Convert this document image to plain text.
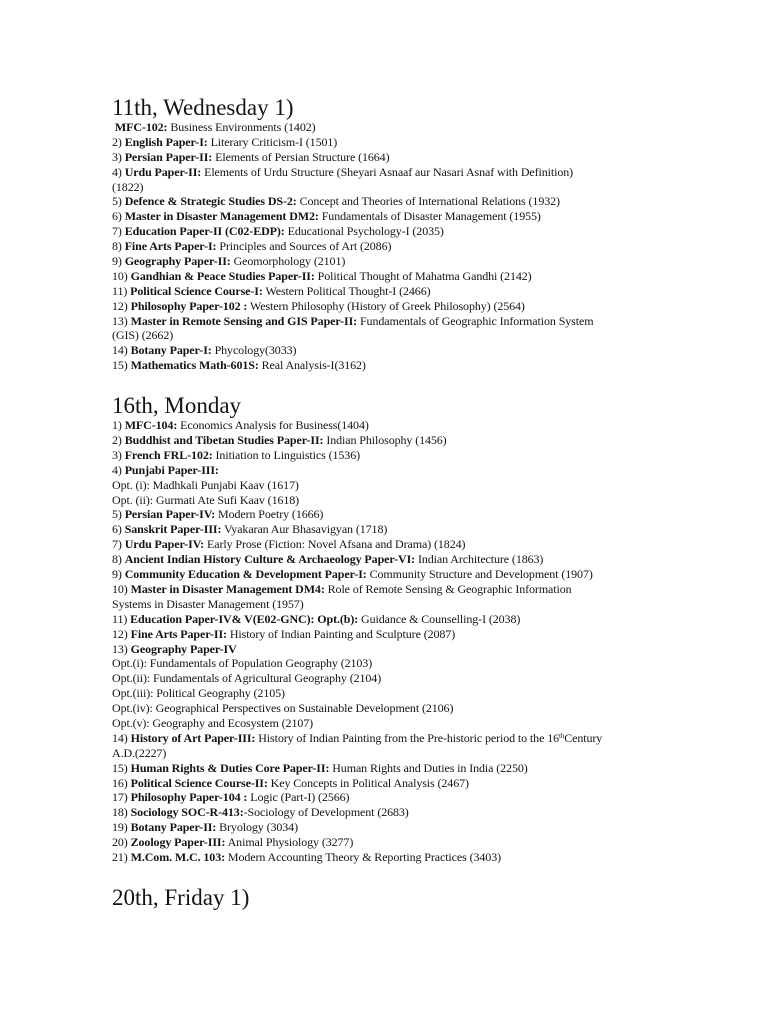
11th, Wednesday 1)
MFC-102: Business Environments (1402)
2) English Paper-I: Literary Criticism-I (1501)
3) Persian Paper-II: Elements of Persian Structure (1664)
4) Urdu Paper-II: Elements of Urdu Structure (Sheyari Asnaaf aur Nasari Asnaf with Definition)
(1822)
5) Defence & Strategic Studies DS-2: Concept and Theories of International Relations (1932)
6) Master in Disaster Management DM2: Fundamentals of Disaster Management (1955)
7) Education Paper-II (C02-EDP): Educational Psychology-I (2035)
8) Fine Arts Paper-I: Principles and Sources of Art (2086)
9) Geography Paper-II: Geomorphology (2101)
10) Gandhian & Peace Studies Paper-II: Political Thought of Mahatma Gandhi (2142)
11) Political Science Course-I: Western Political Thought-I (2466)
12) Philosophy Paper-102 : Western Philosophy (History of Greek Philosophy) (2564)
13) Master in Remote Sensing and GIS Paper-II: Fundamentals of Geographic Information System
(GIS) (2662)
14) Botany Paper-I: Phycology(3033)
15) Mathematics Math-601S: Real Analysis-I(3162)
16th, Monday
1) MFC-104: Economics Analysis for Business(1404)
2) Buddhist and Tibetan Studies Paper-II: Indian Philosophy (1456)
3) French FRL-102: Initiation to Linguistics (1536)
4) Punjabi Paper-III:
Opt. (i): Madhkali Punjabi Kaav (1617)
Opt. (ii): Gurmati Ate Sufi Kaav (1618)
5) Persian Paper-IV: Modern Poetry (1666)
6) Sanskrit Paper-III: Vyakaran Aur Bhasavigyan (1718)
7) Urdu Paper-IV: Early Prose (Fiction: Novel Afsana and Drama) (1824)
8) Ancient Indian History Culture & Archaeology Paper-VI: Indian Architecture (1863)
9) Community Education & Development Paper-I: Community Structure and Development (1907)
10) Master in Disaster Management DM4: Role of Remote Sensing & Geographic Information
Systems in Disaster Management (1957)
11) Education Paper-IV& V(E02-GNC): Opt.(b): Guidance & Counselling-I (2038)
12) Fine Arts Paper-II: History of Indian Painting and Sculpture (2087)
13) Geography Paper-IV
Opt.(i): Fundamentals of Population Geography (2103)
Opt.(ii): Fundamentals of Agricultural Geography (2104)
Opt.(iii): Political Geography (2105)
Opt.(iv): Geographical Perspectives on Sustainable Development (2106)
Opt.(v): Geography and Ecosystem (2107)
14) History of Art Paper-III: History of Indian Painting from the Pre-historic period to the 16thCentury
A.D.(2227)
15) Human Rights & Duties Core Paper-II: Human Rights and Duties in India (2250)
16) Political Science Course-II: Key Concepts in Political Analysis (2467)
17) Philosophy Paper-104 : Logic (Part-I) (2566)
18) Sociology SOC-R-413:-Sociology of Development (2683)
19) Botany Paper-II: Bryology (3034)
20) Zoology Paper-III: Animal Physiology (3277)
21) M.Com. M.C. 103: Modern Accounting Theory & Reporting Practices (3403)
20th, Friday 1)
